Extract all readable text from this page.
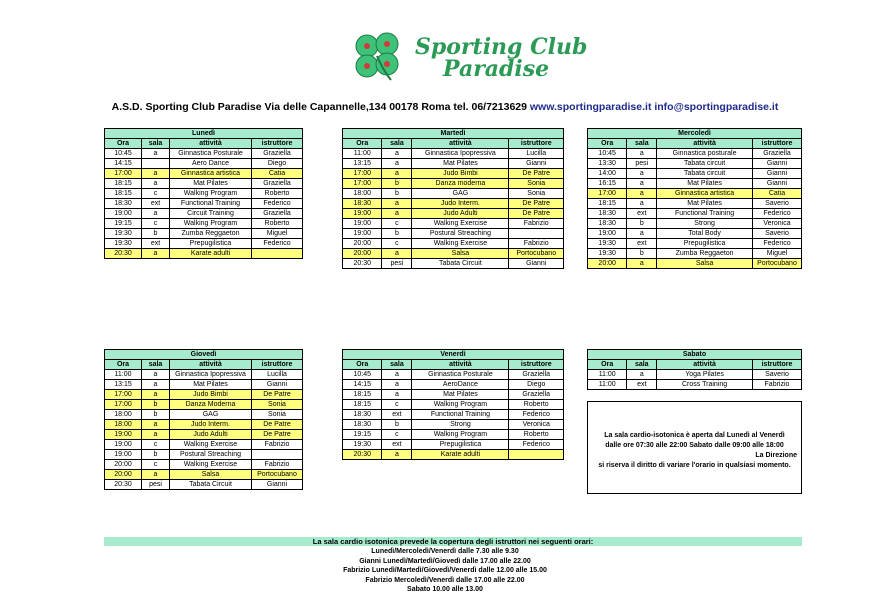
Sporting Club
Paradise
A.S.D. Sporting Club Paradise Via delle Capannelle,134 00178 Roma tel. 06/7213629 www.sportingparadise.it info@sportingparadise.it
Lunedì			
Ora	sala	attività	istruttore
10:45	a	Ginnastica Posturale	Graziella
14:15		Aero Dance	Diego
17:00	a	Ginnastica artistica	Catia
18:15	a	Mat Pilates	Graziella
18:15	c	Walking Program	Roberto
18:30	ext	Functional Training	Federico
19:00	a	Circuit Training	Graziella
19:15	c	Walking Program	Roberto
19:30	b	Zumba Reggaeton	Miguel
19:30	ext	Prepugilistica	Federico
20:30	a	Karate adulti	
Martedì			
Ora	sala	attività	istruttore
11:00	a	Ginnastica Ipopressiva	Lucilla
13:15	a	Mat Pilates	Gianni
17:00	a	Judo Bimbi	De Patre
17:00	b	Danza moderna	Sonia
18:00	b	GAG	Sonia
18:30	a	Judo Interm.	De Patre
19:00	a	Judo Adulti	De Patre
19:00	c	Walking Exercise	Fabrizio
19:00	b	Postural Streaching	
20:00	c	Walking Exercise	Fabrizio
20:00	a	Salsa	Portocubano
20:30	pesi	Tabata Circuit	Gianni
Mercoledì			
Ora	sala	attività	istruttore
10:45	a	Ginnastica posturale	Graziella
13:30	pesi	Tabata circuit	Gianni
14:00	a	Tabata circuit	Gianni
16:15	a	Mat Pilates	Gianni
17:00	a	Ginnastica artistica	Catia
18:15	a	Mat Pilates	Saverio
18:30	ext	Functional Training	Federico
18:30	b	Strong	Veronica
19:00	a	Total Body	Saverio
19:30	ext	Prepugilistica	Federico
19:30	b	Zumba Reggaeton	Miguel
20:00	a	Salsa	Portocubano
Giovedì			
Ora	sala	attività	istruttore
11:00	a	Ginnastica Ipopressiva	Lucilla
13:15	a	Mat Pilates	Gianni
17:00	a	Judo Bimbi	De Patre
17:00	b	Danza Moderna	Sonia
18:00	b	GAG	Sonia
18:00	a	Judo Interm.	De Patre
19:00	a	Judo Adulti	De Patre
19:00	c	Walking Exercise	Fabrizio
19:00	b	Postural Streaching	
20:00	c	Walking Exercise	Fabrizio
20:00	a	Salsa	Portocubano
20:30	pesi	Tabata Circuit	Gianni
Venerdì			
Ora	sala	attività	istruttore
10:45	a	Ginnastica Posturale	Graziella
14:15	a	AeroDance	Diego
18:15	a	Mat Pilates	Graziella
18:15	c	Walking Program	Roberto
18:30	ext	Functional Training	Federico
18:30	b	Strong	Veronica
19:15	c	Walking Program	Roberto
19:30	ext	Prepugilistica	Federico
20:30	a	Karate adulti	
Sabato			
Ora	sala	attività	istruttore
11:00	a	Yoga Pilates	Saverio
11:00	ext	Cross Training	Fabrizio
La sala cardio-isotonica è aperta dal Lunedì al Venerdì
dalle ore 07:30 alle 22:00 Sabato dalle 09:00 alle 18:00
La Direzione
si riserva il diritto di variare l'orario in qualsiasi momento.
La sala cardio isotonica prevede la copertura degli istruttori nei seguenti orari:
Lunedì/Mercoledì/Venerdì dalle 7.30 alle 9.30
Gianni Lunedì/Martedì/Giovedì dalle 17.00 alle 22.00
Fabrizio Lunedì/Martedì/Giovedì/Venerdì dalle 12.00 alle 15.00
Fabrizio Mercoledì/Venerdì dalle 17.00 alle 22.00
Sabato 10.00 alle 13.00
